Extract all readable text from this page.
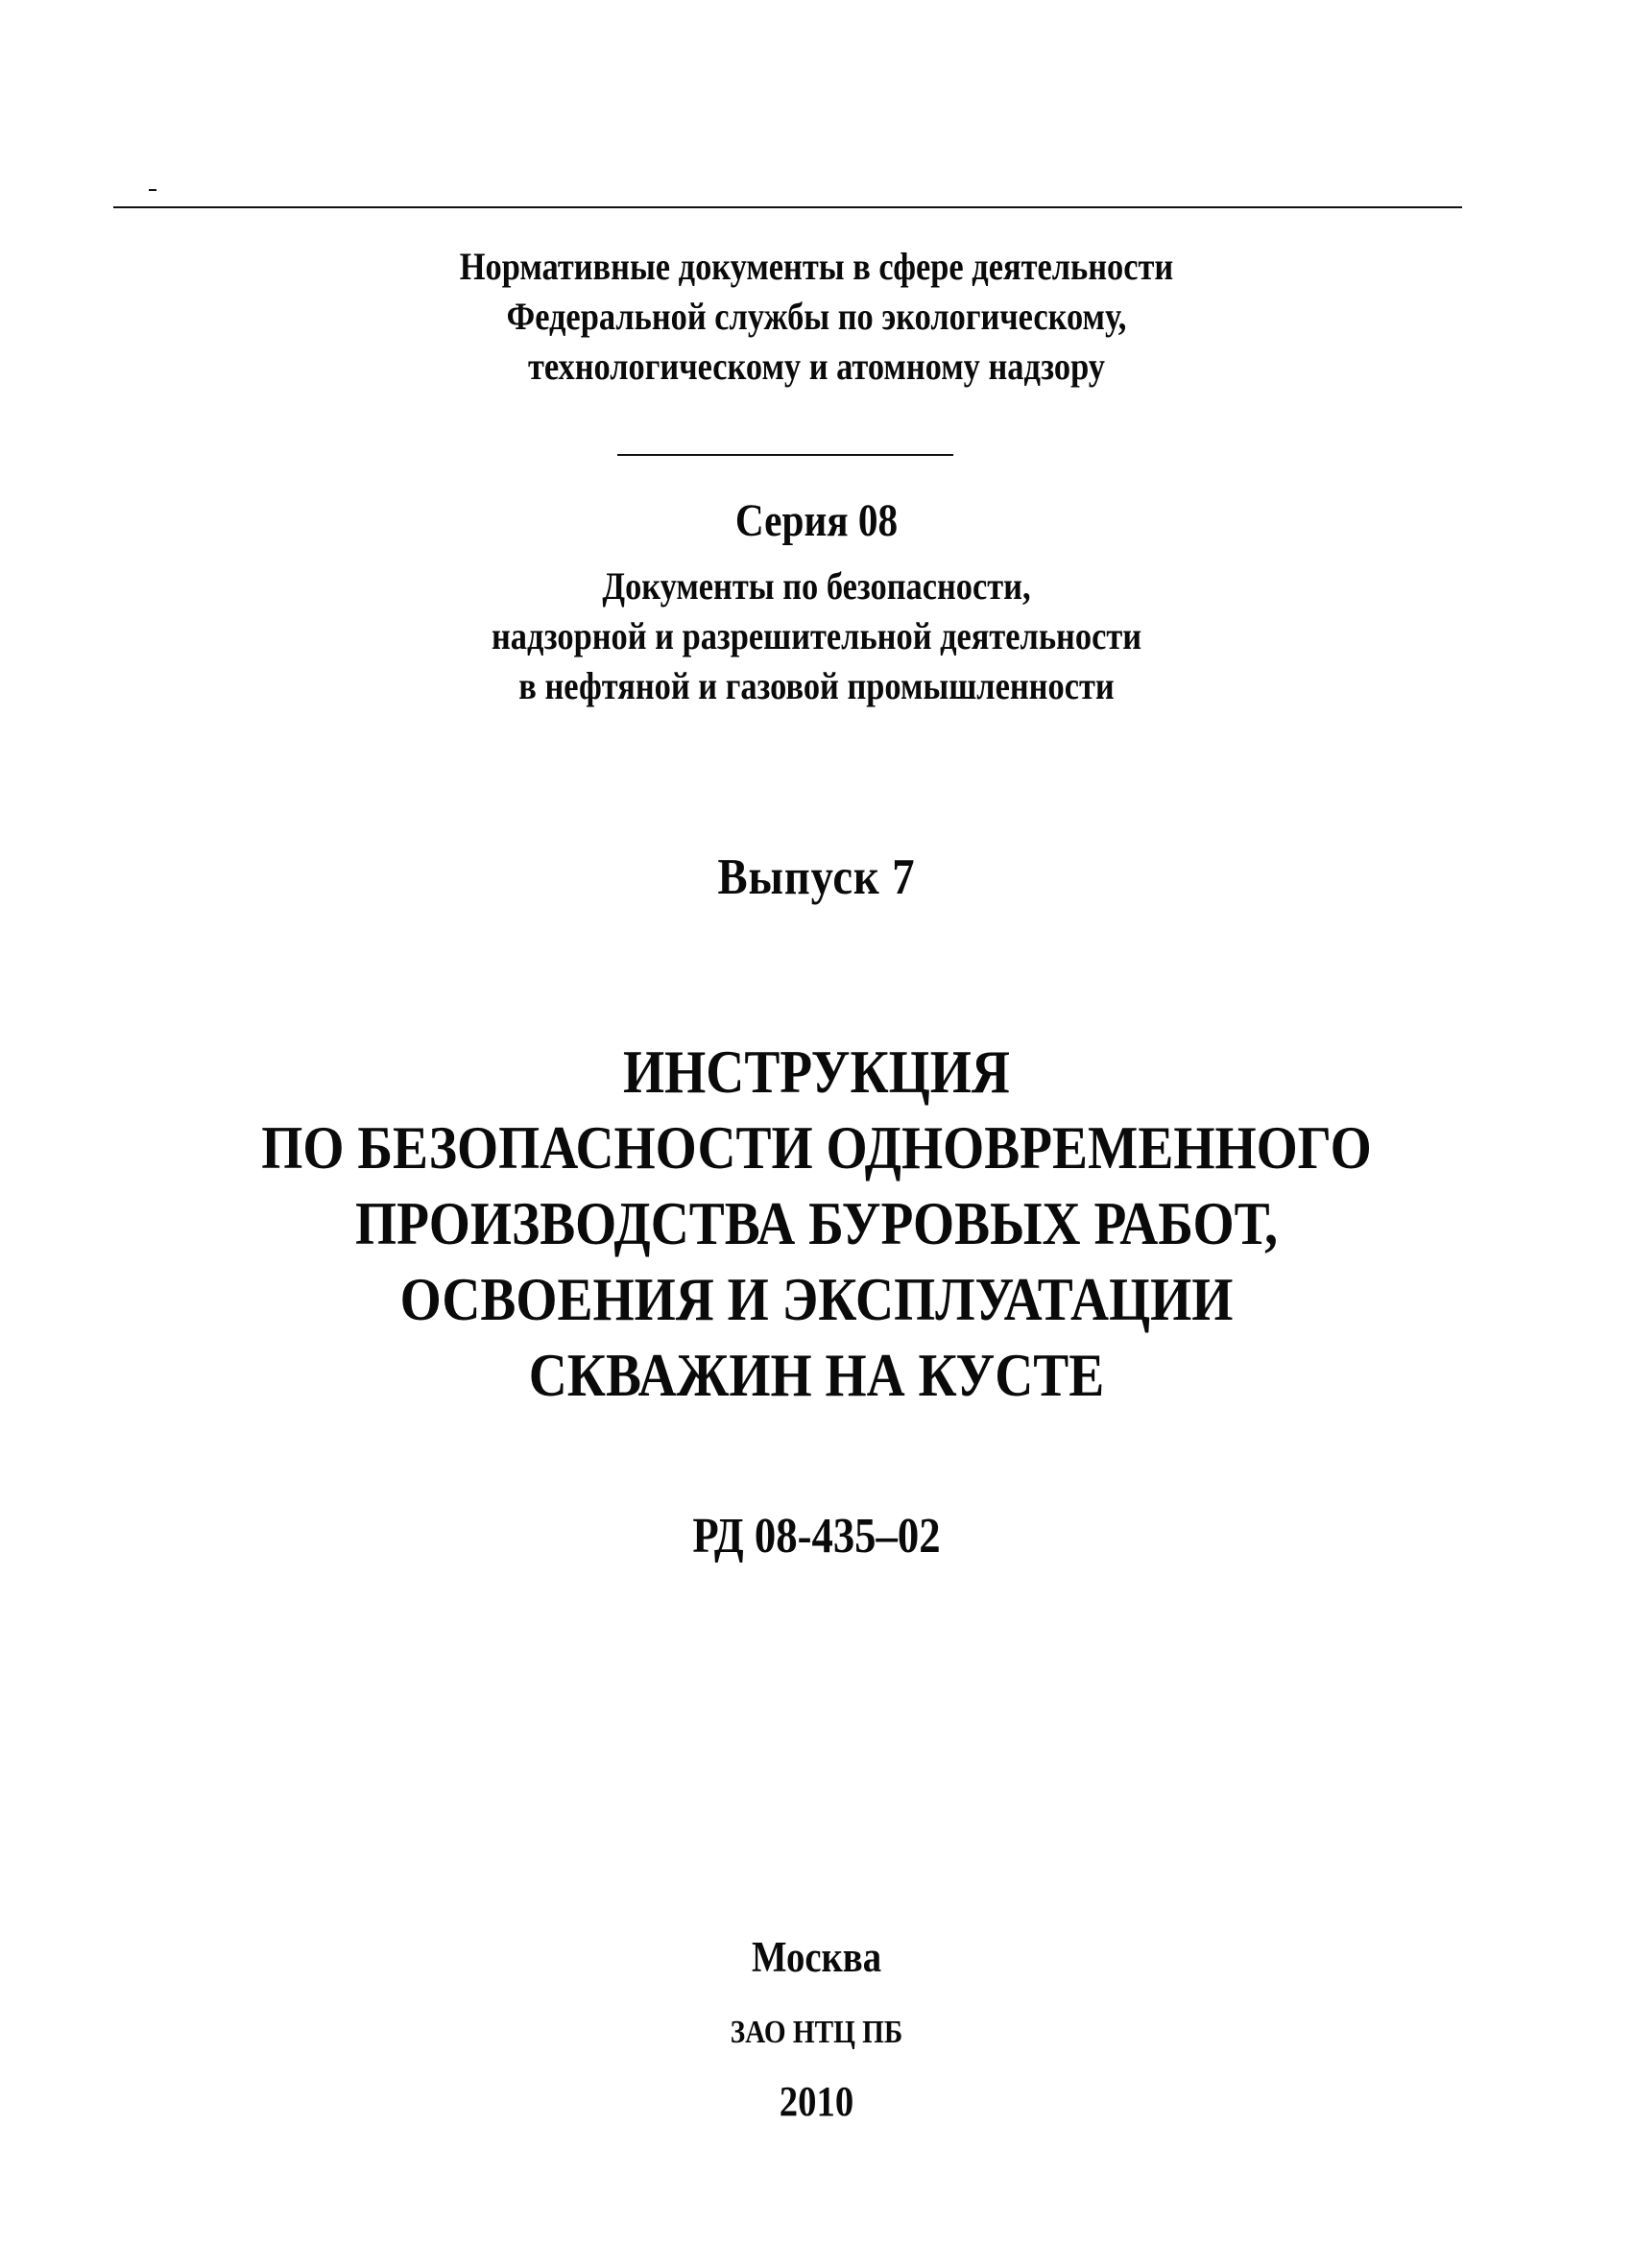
Нормативные документы в сфере деятельности
Федеральной службы по экологическому,
технологическому и атомному надзору
Серия 08
Документы по безопасности,
надзорной и разрешительной деятельности
в нефтяной и газовой промышленности
Выпуск 7
ИНСТРУКЦИЯ
ПО БЕЗОПАСНОСТИ ОДНОВРЕМЕННОГО
ПРОИЗВОДСТВА БУРОВЫХ РАБОТ,
ОСВОЕНИЯ И ЭКСПЛУАТАЦИИ
СКВАЖИН НА КУСТЕ
РД 08-435–02
Москва
ЗАО НТЦ ПБ
2010
